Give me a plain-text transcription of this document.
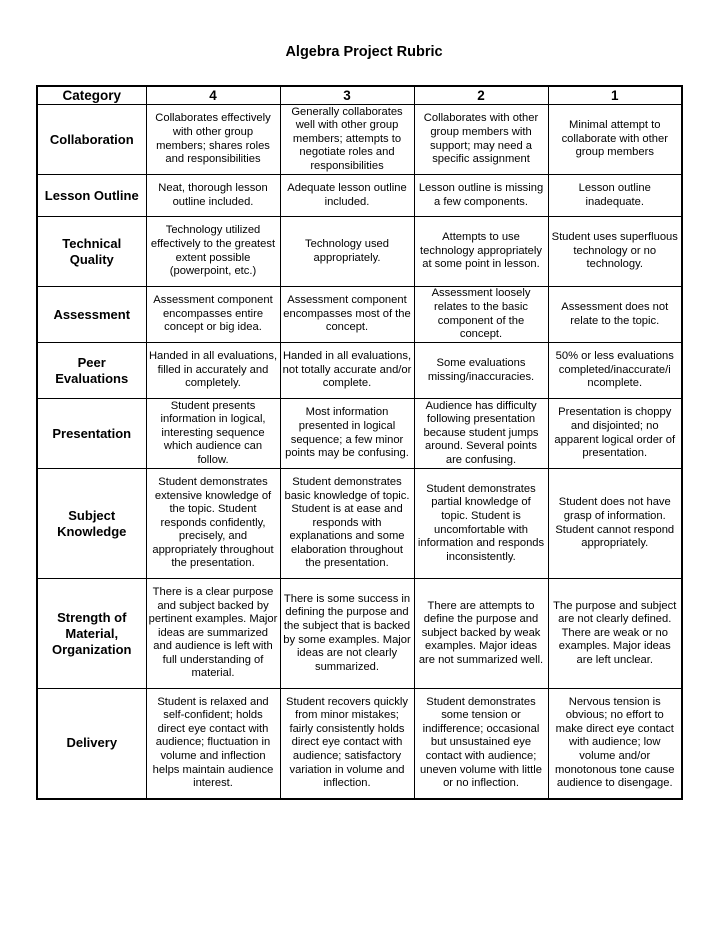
Algebra Project Rubric
Category	4	3	2	1
Collaboration	Collaborates effectively with other group members; shares roles and responsibilities	Generally collaborates well with other group members; attempts to negotiate roles and responsibilities	Collaborates with other group members with support; may need a specific assignment	Minimal attempt to collaborate with other group members
Lesson Outline	Neat, thorough lesson outline included.	Adequate lesson outline included.	Lesson outline is missing a few components.	Lesson outline inadequate.
Technical Quality	Technology utilized effectively to the greatest extent possible (powerpoint, etc.)	Technology used appropriately.	Attempts to use technology appropriately at some point in lesson.	Student uses superfluous technology or no technology.
Assessment	Assessment component encompasses entire concept or big idea.	Assessment component encompasses most of the concept.	Assessment loosely relates to the basic component of the concept.	Assessment does not relate to the topic.
Peer Evaluations	Handed in all evaluations, filled in accurately and completely.	Handed in all evaluations, not totally accurate and/or complete.	Some evaluations missing/inaccuracies.	50% or less evaluations completed/inaccurate/i ncomplete.
Presentation	Student presents information in logical, interesting sequence which audience can follow.	Most information presented in logical sequence; a few minor points may be confusing.	Audience has difficulty following presentation because student jumps around. Several points are confusing.	Presentation is choppy and disjointed; no apparent logical order of presentation.
Subject Knowledge	Student demonstrates extensive knowledge of the topic. Student responds confidently, precisely, and appropriately throughout the presentation.	Student demonstrates basic knowledge of topic. Student is at ease and responds with explanations and some elaboration throughout the presentation.	Student demonstrates partial knowledge of topic. Student is uncomfortable with information and responds inconsistently.	Student does not have grasp of information. Student cannot respond appropriately.
Strength of Material, Organization	There is a clear purpose and subject backed by pertinent examples. Major ideas are summarized and audience is left with full understanding of material.	There is some success in defining the purpose and the subject that is backed by some examples. Major ideas are not clearly summarized.	There are attempts to define the purpose and subject backed by weak examples. Major ideas are not summarized well.	The purpose and subject are not clearly defined. There are weak or no examples. Major ideas are left unclear.
Delivery	Student is relaxed and self-confident; holds direct eye contact with audience; fluctuation in volume and inflection helps maintain audience interest.	Student recovers quickly from minor mistakes; fairly consistently holds direct eye contact with audience; satisfactory variation in volume and inflection.	Student demonstrates some tension or indifference; occasional but unsustained eye contact with audience; uneven volume with little or no inflection.	Nervous tension is obvious; no effort to make direct eye contact with audience; low volume and/or monotonous tone cause audience to disengage.
